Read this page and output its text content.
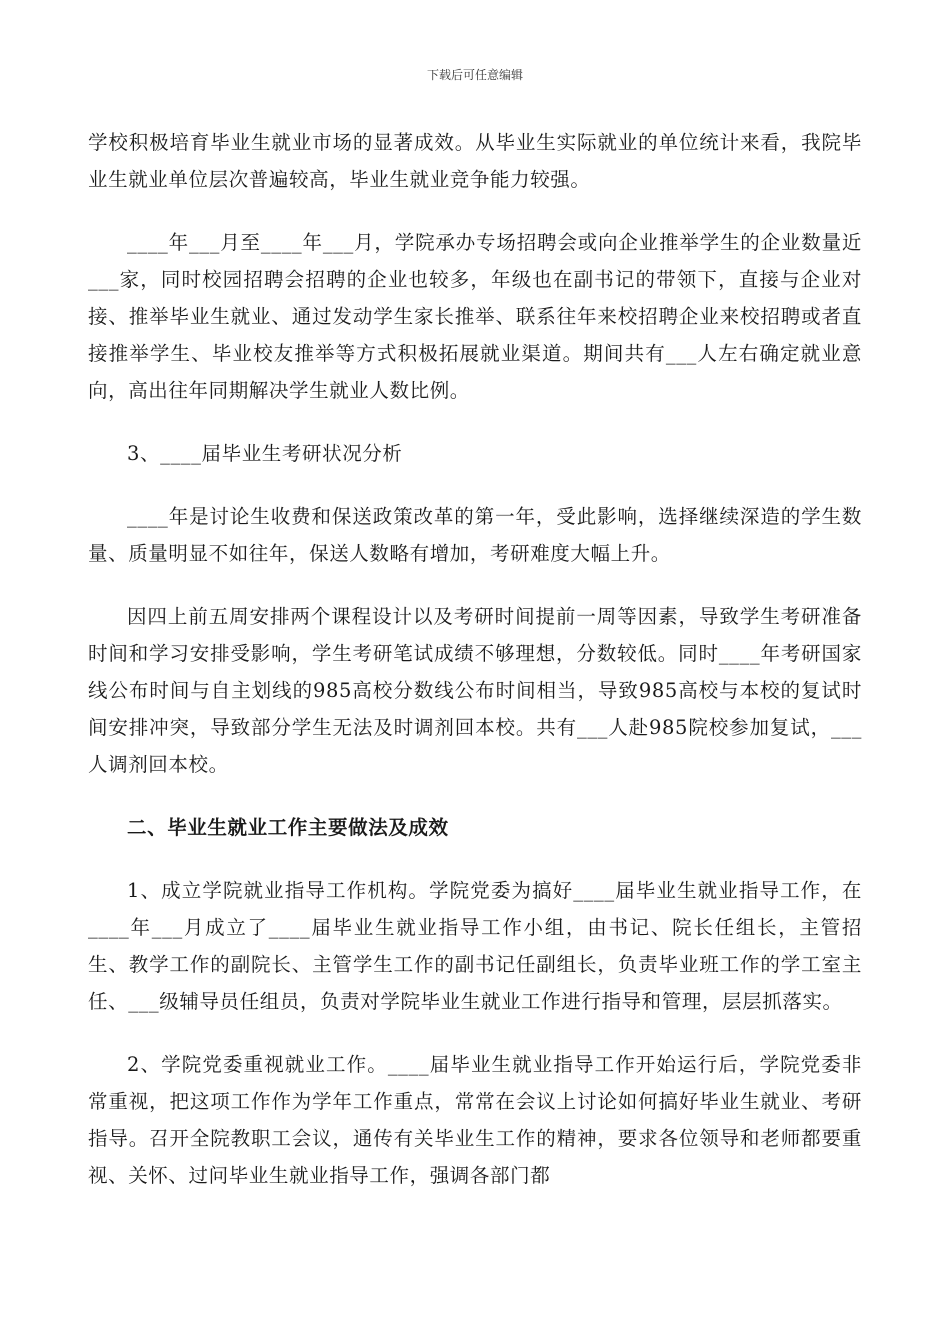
下载后可任意编辑

学校积极培育毕业生就业市场的显著成效。从毕业生实际就业的单位统计来看，我院毕业生就业单位层次普遍较高，毕业生就业竞争能力较强。

____年___月至____年___月，学院承办专场招聘会或向企业推举学生的企业数量近___家，同时校园招聘会招聘的企业也较多，年级也在副书记的带领下，直接与企业对接、推举毕业生就业、通过发动学生家长推举、联系往年来校招聘企业来校招聘或者直接推举学生、毕业校友推举等方式积极拓展就业渠道。期间共有___人左右确定就业意向，高出往年同期解决学生就业人数比例。

3、____届毕业生考研状况分析

____年是讨论生收费和保送政策改革的第一年，受此影响，选择继续深造的学生数量、质量明显不如往年，保送人数略有增加，考研难度大幅上升。

因四上前五周安排两个课程设计以及考研时间提前一周等因素，导致学生考研准备时间和学习安排受影响，学生考研笔试成绩不够理想，分数较低。同时____年考研国家线公布时间与自主划线的985高校分数线公布时间相当，导致985高校与本校的复试时间安排冲突，导致部分学生无法及时调剂回本校。共有___人赴985院校参加复试，___人调剂回本校。

二、毕业生就业工作主要做法及成效

1、成立学院就业指导工作机构。学院党委为搞好____届毕业生就业指导工作，在____年___月成立了____届毕业生就业指导工作小组，由书记、院长任组长，主管招生、教学工作的副院长、主管学生工作的副书记任副组长，负责毕业班工作的学工室主任、___级辅导员任组员，负责对学院毕业生就业工作进行指导和管理，层层抓落实。

2、学院党委重视就业工作。____届毕业生就业指导工作开始运行后，学院党委非常重视，把这项工作作为学年工作重点，常常在会议上讨论如何搞好毕业生就业、考研指导。召开全院教职工会议，通传有关毕业生工作的精神，要求各位领导和老师都要重视、关怀、过问毕业生就业指导工作，强调各部门都
